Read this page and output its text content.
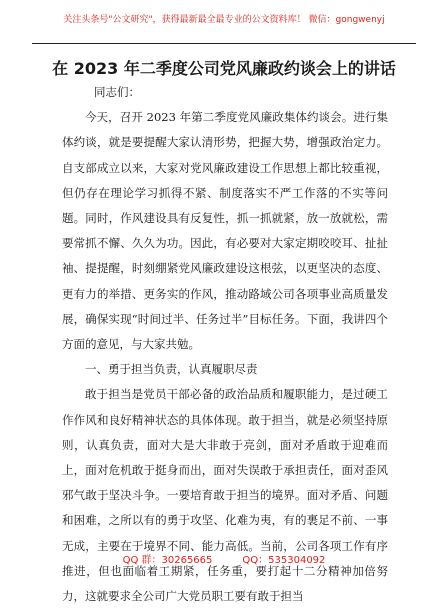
关注头条号"公文研究"，获得最新最全最专业的公文资料库！ 微信：gongwenyj
在 2023 年二季度公司党风廉政约谈会上的讲话

同志们：

今天，召开 2023 年第二季度党风廉政集体约谈会。进行集体约谈，就是要提醒大家认清形势，把握大势，增强政治定力。自支部成立以来，大家对党风廉政建设工作思想上都比较重视，但仍存在理论学习抓得不紧、制度落实不严工作落的不实等问题。同时，作风建设具有反复性，抓一抓就紧，放一放就松，需要常抓不懈、久久为功。因此，有必要对大家定期咬咬耳、扯扯袖、提提醒，时刻绷紧党风廉政建设这根弦，以更坚决的态度、更有力的举措、更务实的作风，推动路域公司各项事业高质量发展，确保实现“时间过半、任务过半”目标任务。下面，我讲四个方面的意见，与大家共勉。

一、勇于担当负责，认真履职尽责

敢于担当是党员干部必备的政治品质和履职能力，是过硬工作作风和良好精神状态的具体体现。敢于担当，就是必须坚持原则，认真负责，面对大是大非敢于亮剑，面对矛盾敢于迎难而上，面对危机敢于挺身而出，面对失误敢于承担责任，面对歪风邪气敢于坚决斗争。一要培育敢于担当的境界。面对矛盾、问题和困难，之所以有的勇于攻坚、化难为夷，有的裹足不前、一事无成，主要在于境界不同、能力高低。当前，公司各项工作有序推进，但也面临着工期紧，任务重，要打起十二分精神加倍努力，这就要求全公司广大党员职工要有敢于担当

QQ 群：30265665	QQ：535304092
